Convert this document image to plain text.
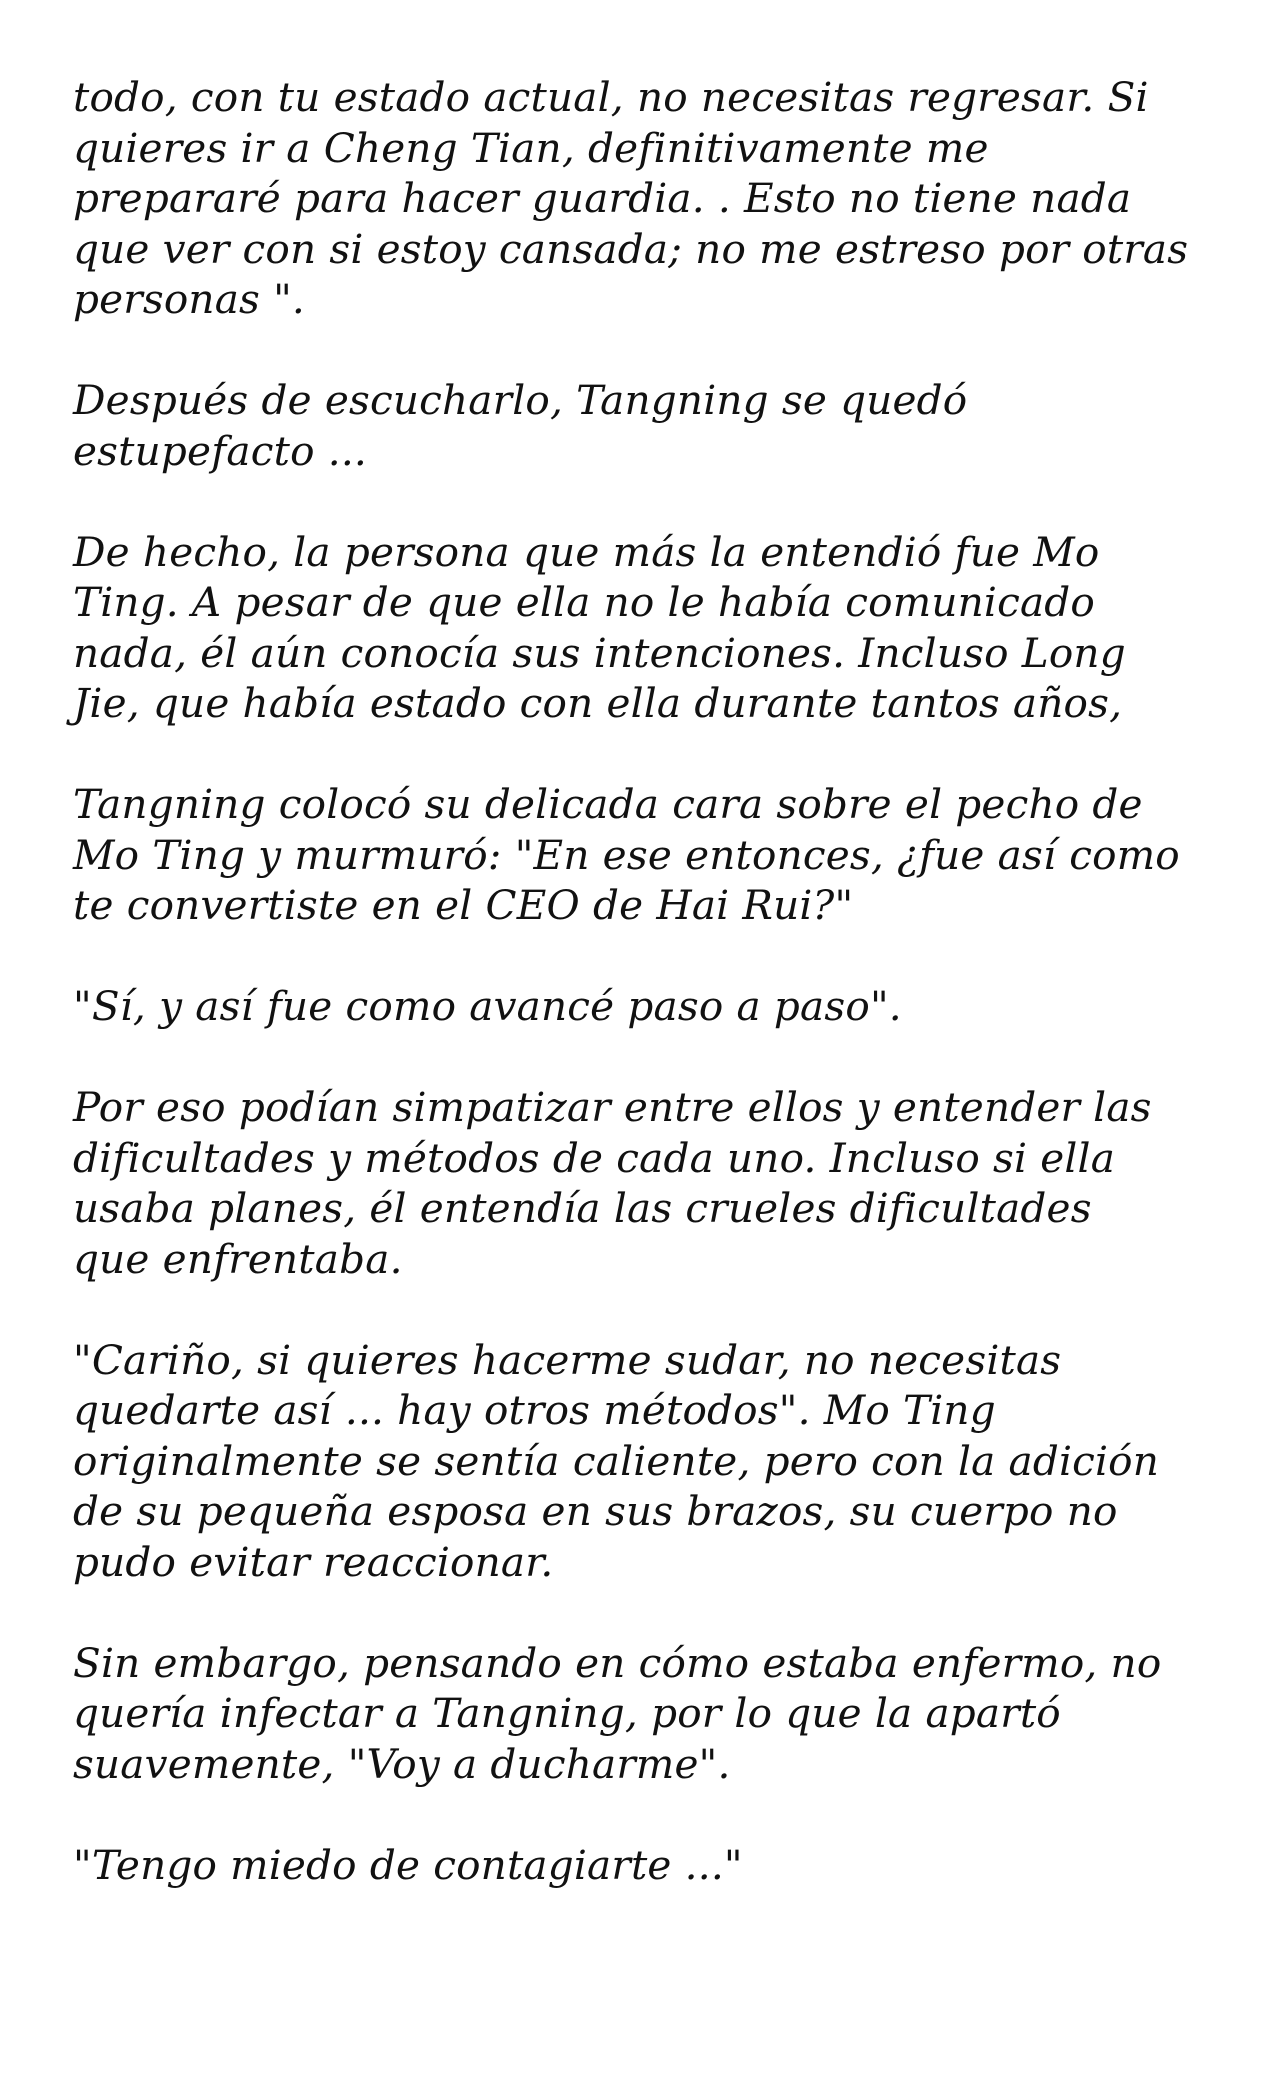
todo, con tu estado actual, no necesitas regresar. Si
quieres ir a Cheng Tian, definitivamente me
prepararé para hacer guardia. . Esto no tiene nada
que ver con si estoy cansada; no me estreso por otras
personas ".
Después de escucharlo, Tangning se quedó
estupefacto ...
De hecho, la persona que más la entendió fue Mo
Ting. A pesar de que ella no le había comunicado
nada, él aún conocía sus intenciones. Incluso Long
Jie, que había estado con ella durante tantos años,
Tangning colocó su delicada cara sobre el pecho de
Mo Ting y murmuró: "En ese entonces, ¿fue así como
te convertiste en el CEO de Hai Rui?"
"Sí, y así fue como avancé paso a paso".
Por eso podían simpatizar entre ellos y entender las
dificultades y métodos de cada uno. Incluso si ella
usaba planes, él entendía las crueles dificultades
que enfrentaba.
"Cariño, si quieres hacerme sudar, no necesitas
quedarte así ... hay otros métodos". Mo Ting
originalmente se sentía caliente, pero con la adición
de su pequeña esposa en sus brazos, su cuerpo no
pudo evitar reaccionar.
Sin embargo, pensando en cómo estaba enfermo, no
quería infectar a Tangning, por lo que la apartó
suavemente, "Voy a ducharme".
"Tengo miedo de contagiarte ..."
